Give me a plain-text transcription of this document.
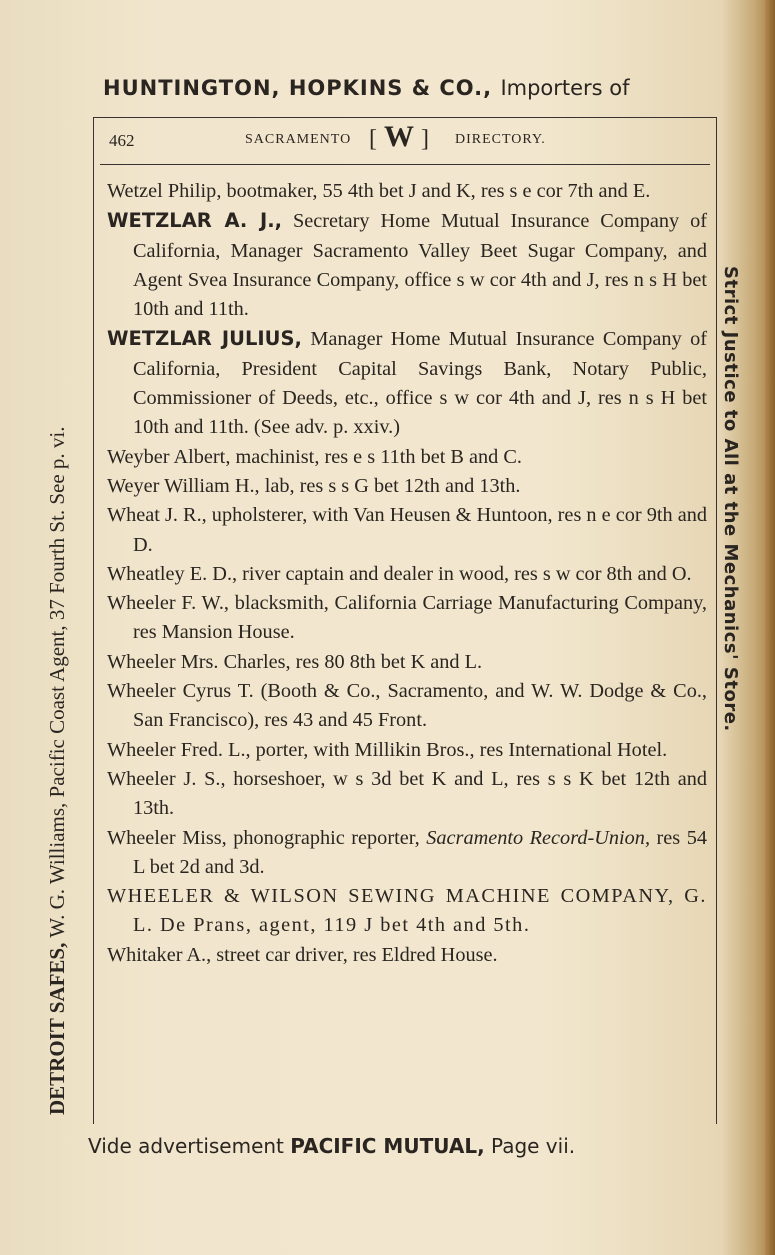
HUNTINGTON, HOPKINS & CO., Importers of
462	SACRAMENTO [ W ] DIRECTORY.
Wetzel Philip, bootmaker, 55 4th bet J and K, res s e cor 7th and E.
WETZLAR A. J., Secretary Home Mutual Insurance Company of California, Manager Sacramento Valley Beet Sugar Company, and Agent Svea Insurance Company, office s w cor 4th and J, res n s H bet 10th and 11th.
WETZLAR JULIUS, Manager Home Mutual Insurance Company of California, President Capital Savings Bank, Notary Public, Commissioner of Deeds, etc., office s w cor 4th and J, res n s H bet 10th and 11th. (See adv. p. xxiv.)
Weyber Albert, machinist, res e s 11th bet B and C.
Weyer William H., lab, res s s G bet 12th and 13th.
Wheat J. R., upholsterer, with Van Heusen & Huntoon, res n e cor 9th and D.
Wheatley E. D., river captain and dealer in wood, res s w cor 8th and O.
Wheeler F. W., blacksmith, California Carriage Manufacturing Company, res Mansion House.
Wheeler Mrs. Charles, res 80 8th bet K and L.
Wheeler Cyrus T. (Booth & Co., Sacramento, and W. W. Dodge & Co., San Francisco), res 43 and 45 Front.
Wheeler Fred. L., porter, with Millikin Bros., res International Hotel.
Wheeler J. S., horseshoer, w s 3d bet K and L, res s s K bet 12th and 13th.
Wheeler Miss, phonographic reporter, Sacramento Record-Union, res 54 L bet 2d and 3d.
WHEELER & WILSON SEWING MACHINE COMPANY, G. L. De Prans, agent, 119 J bet 4th and 5th.
Whitaker A., street car driver, res Eldred House.
Vide advertisement PACIFIC MUTUAL, Page vii.
DETROIT SAFES, W. G. Williams, Pacific Coast Agent, 37 Fourth St. See p. vi.	Strict Justice to All at the Mechanics' Store.
